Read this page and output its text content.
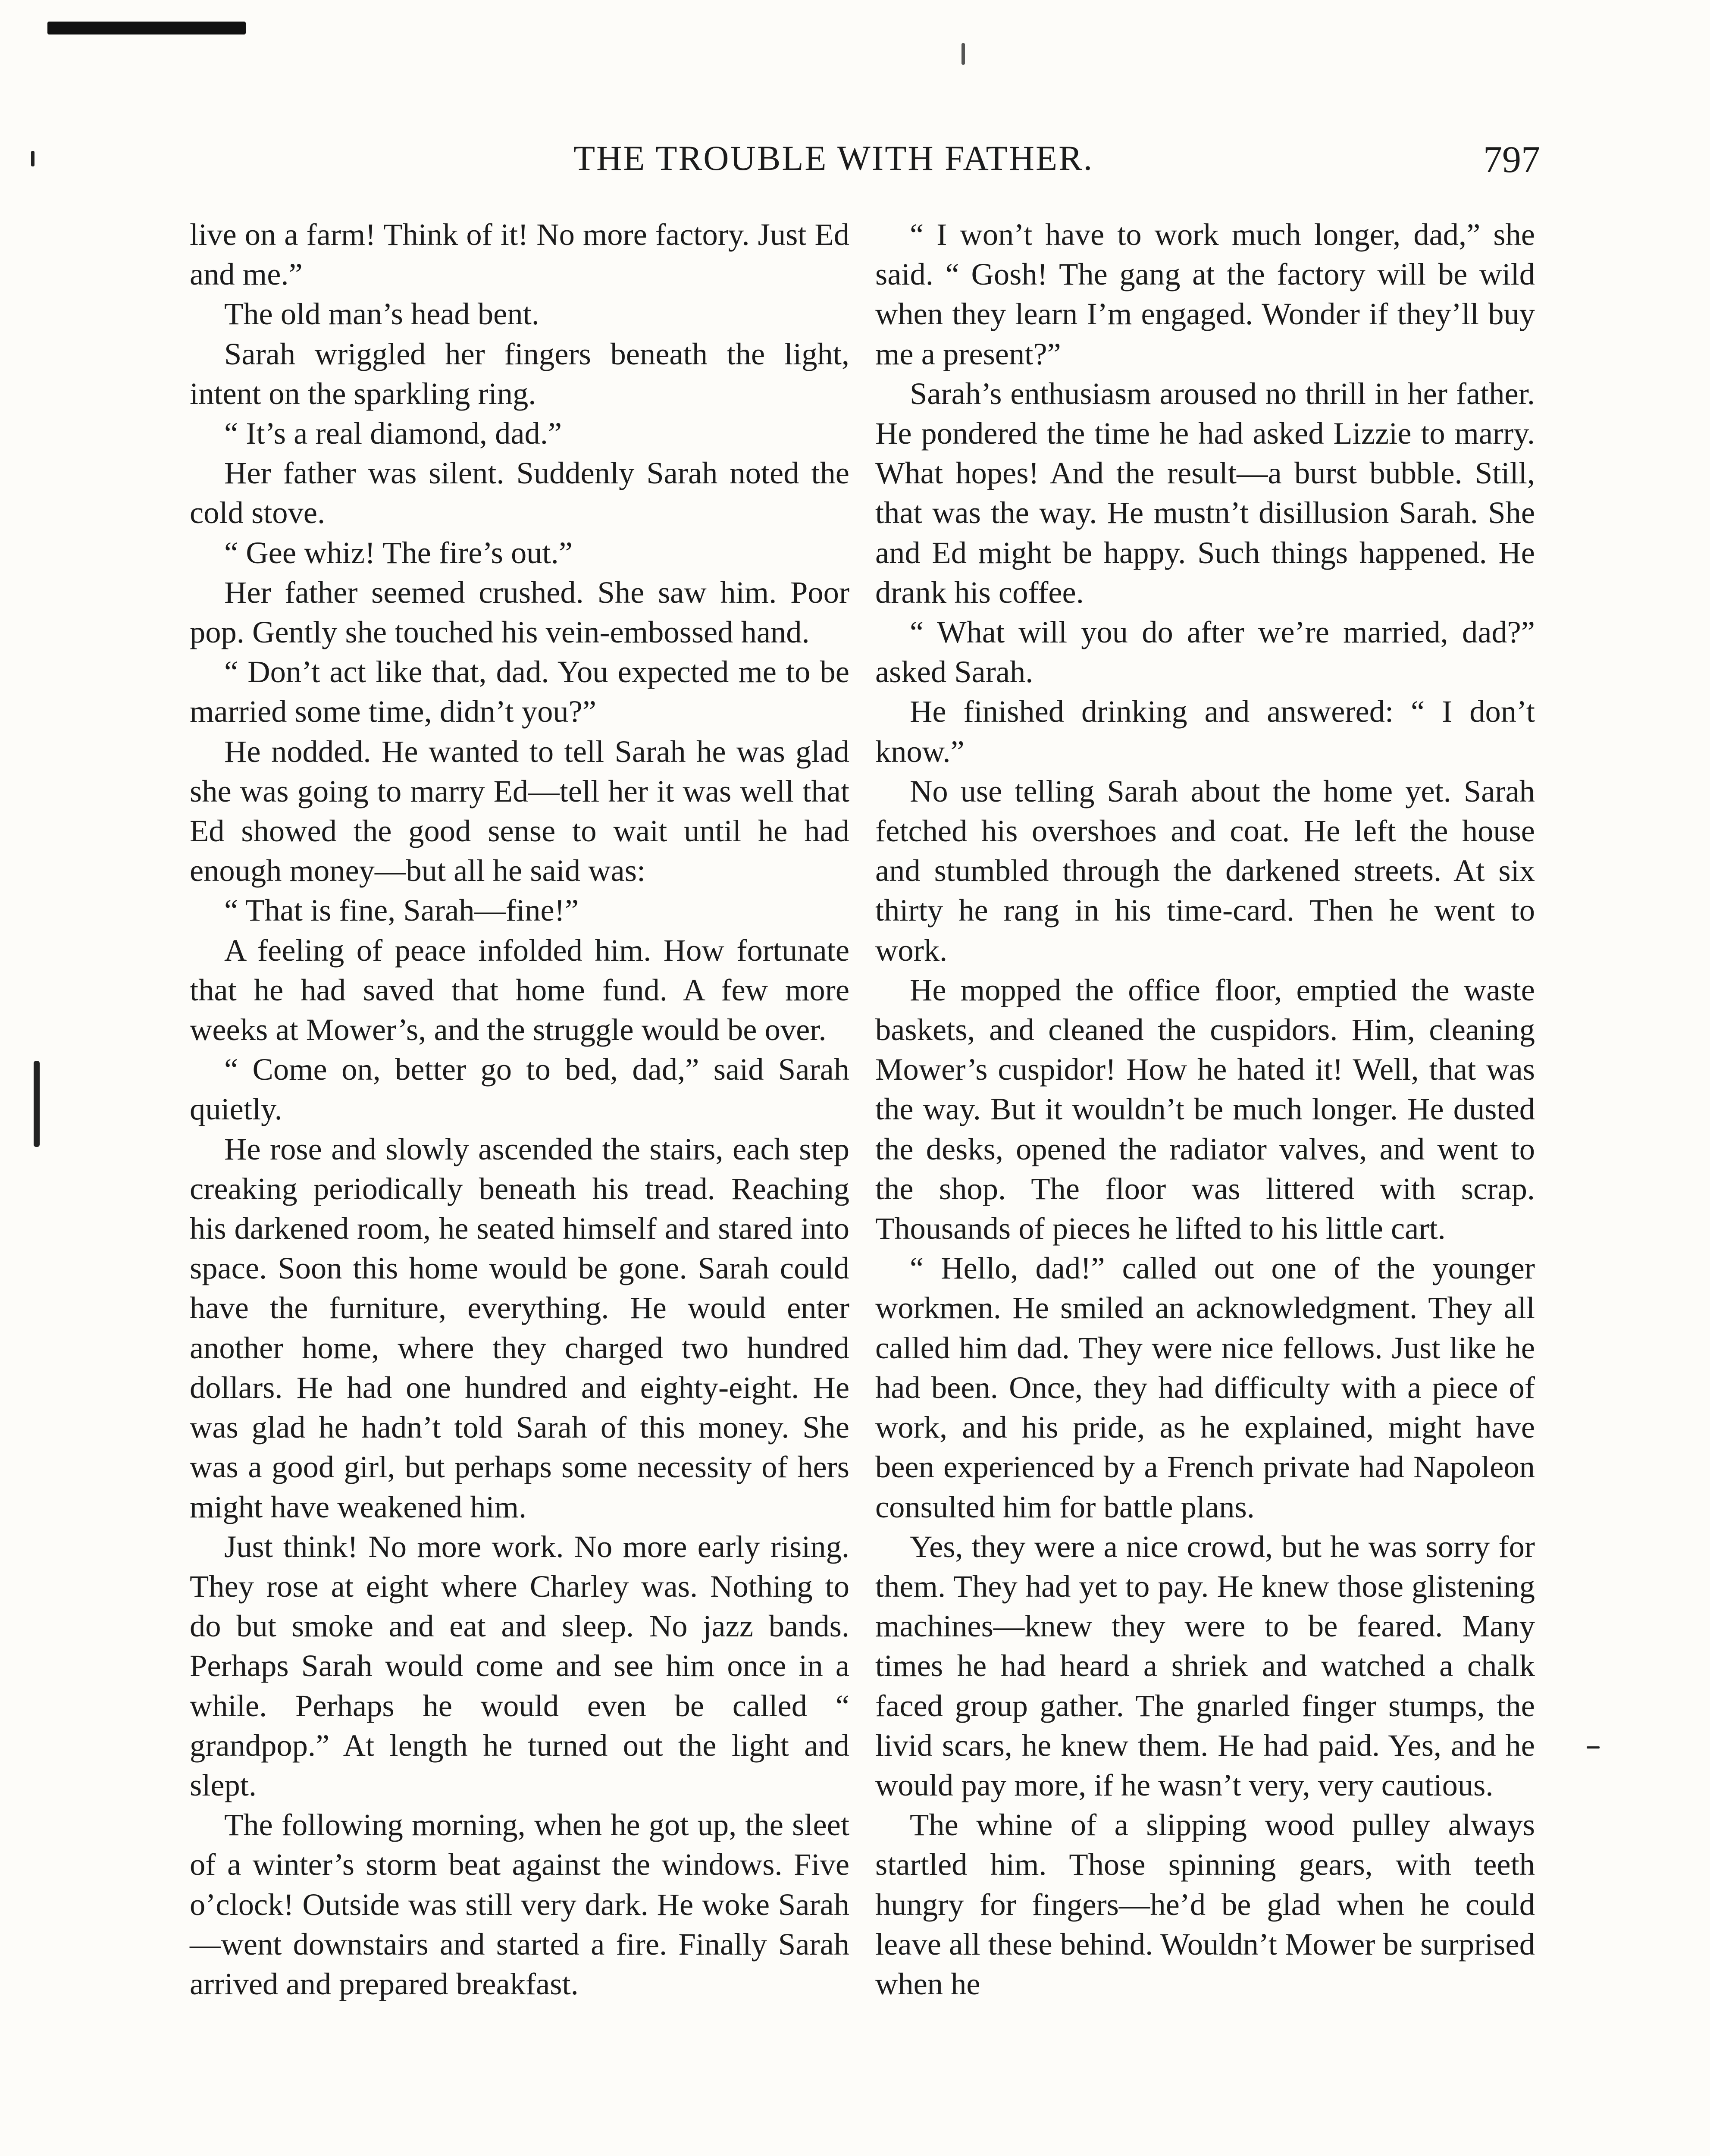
THE TROUBLE WITH FATHER.	797

live on a farm! Think of it! No more factory. Just Ed and me.”

The old man’s head bent.

Sarah wriggled her fingers beneath the light, intent on the sparkling ring.

“ It’s a real diamond, dad.”

Her father was silent. Suddenly Sarah noted the cold stove.

“ Gee whiz! The fire’s out.”

Her father seemed crushed. She saw him. Poor pop. Gently she touched his vein-embossed hand.

“ Don’t act like that, dad. You expected me to be married some time, didn’t you?”

He nodded. He wanted to tell Sarah he was glad she was going to marry Ed—tell her it was well that Ed showed the good sense to wait until he had enough money—but all he said was:

“ That is fine, Sarah—fine!”

A feeling of peace infolded him. How fortunate that he had saved that home fund. A few more weeks at Mower’s, and the struggle would be over.

“ Come on, better go to bed, dad,” said Sarah quietly.

He rose and slowly ascended the stairs, each step creaking periodically beneath his tread. Reaching his darkened room, he seated himself and stared into space. Soon this home would be gone. Sarah could have the furniture, everything. He would enter another home, where they charged two hundred dollars. He had one hundred and eighty-eight. He was glad he hadn’t told Sarah of this money. She was a good girl, but perhaps some necessity of hers might have weakened him.

Just think! No more work. No more early rising. They rose at eight where Charley was. Nothing to do but smoke and eat and sleep. No jazz bands. Perhaps Sarah would come and see him once in a while. Perhaps he would even be called “ grandpop.” At length he turned out the light and slept.

The following morning, when he got up, the sleet of a winter’s storm beat against the windows. Five o’clock! Outside was still very dark. He woke Sarah—went downstairs and started a fire. Finally Sarah arrived and prepared breakfast.

“ I won’t have to work much longer, dad,” she said. “ Gosh! The gang at the factory will be wild when they learn I’m engaged. Wonder if they’ll buy me a present?”

Sarah’s enthusiasm aroused no thrill in her father. He pondered the time he had asked Lizzie to marry. What hopes! And the result—a burst bubble. Still, that was the way. He mustn’t disillusion Sarah. She and Ed might be happy. Such things happened. He drank his coffee.

“ What will you do after we’re married, dad?” asked Sarah.

He finished drinking and answered: “ I don’t know.”

No use telling Sarah about the home yet. Sarah fetched his overshoes and coat. He left the house and stumbled through the darkened streets. At six thirty he rang in his time-card. Then he went to work.

He mopped the office floor, emptied the waste baskets, and cleaned the cuspidors. Him, cleaning Mower’s cuspidor! How he hated it! Well, that was the way. But it wouldn’t be much longer. He dusted the desks, opened the radiator valves, and went to the shop. The floor was littered with scrap. Thousands of pieces he lifted to his little cart.

“ Hello, dad!” called out one of the younger workmen. He smiled an acknowledgment. They all called him dad. They were nice fellows. Just like he had been. Once, they had difficulty with a piece of work, and his pride, as he explained, might have been experienced by a French private had Napoleon consulted him for battle plans.

Yes, they were a nice crowd, but he was sorry for them. They had yet to pay. He knew those glistening machines—knew they were to be feared. Many times he had heard a shriek and watched a chalk faced group gather. The gnarled finger stumps, the livid scars, he knew them. He had paid. Yes, and he would pay more, if he wasn’t very, very cautious.

The whine of a slipping wood pulley always startled him. Those spinning gears, with teeth hungry for fingers—he’d be glad when he could leave all these behind. Wouldn’t Mower be surprised when he
